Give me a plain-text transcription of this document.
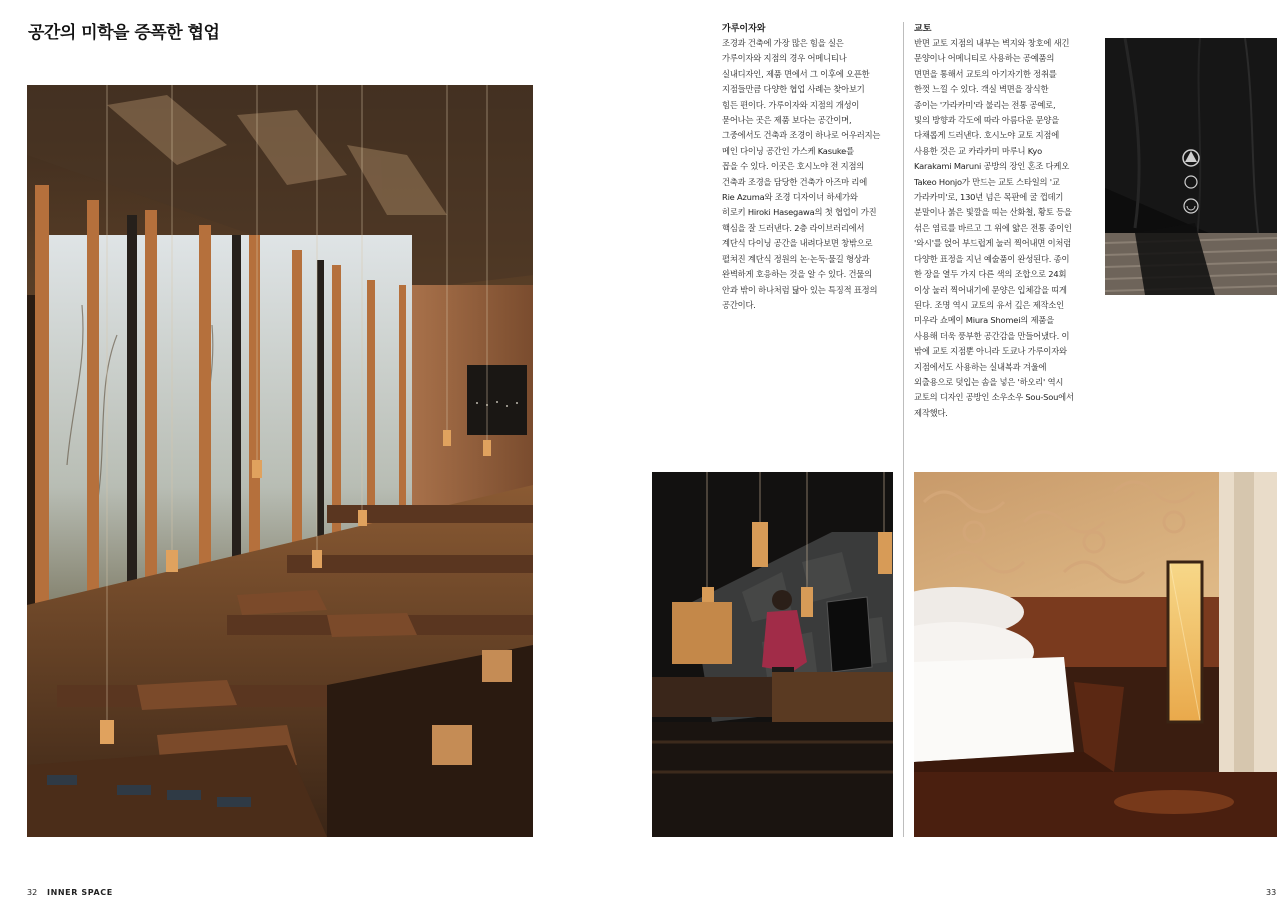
공간의 미학을 증폭한 협업	가루이자와
조경과 건축에 가장 많은 힘을 실은
가루이자와 지점의 경우 어메니티나
실내디자인, 제품 면에서 그 이후에 오픈한
지점들만큼 다양한 협업 사례는 찾아보기
힘든 편이다. 가루이자와 지점의 개성이
묻어나는 곳은 제품 보다는 공간이며,
그중에서도 건축과 조경이 하나로 어우러지는
메인 다이닝 공간인 가스케 Kasuke를
꼽을 수 있다. 이곳은 호시노야 전 지점의
건축과 조경을 담당한 건축가 아즈마 리에
Rie Azuma와 조경 디자이너 하세가와
히로키 Hiroki Hasegawa의 첫 협업이 가진
핵심을 잘 드러낸다. 2층 라이브러리에서
계단식 다이닝 공간을 내려다보면 창밖으로
펼쳐진 계단식 정원의 논·논둑·물길 형상과
완벽하게 호응하는 것을 알 수 있다. 건물의
안과 밖이 하나처럼 닮아 있는 특징적 표정의
공간이다.
교토
반면 교토 지점의 내부는 벽지와 창호에 새긴
문양이나 어메니티로 사용하는 공예품의
면면을 통해서 교토의 아기자기한 정취를
한껏 느낄 수 있다. 객실 벽면을 장식한
종이는 '가라카미'라 불리는 전통 공예로,
빛의 방향과 각도에 따라 아름다운 문양을
다채롭게 드러낸다. 호시노야 교토 지점에
사용한 것은 교 카라카미 마루니 Kyo
Karakami Maruni 공방의 장인 혼조 다케오
Takeo Honjo가 만드는 교토 스타일의 '교
가라카미'로, 130년 넘은 목판에 굴 껍데기
분말이나 붉은 빛깔을 띠는 산화철, 황토 등을
섞은 염료를 바르고 그 위에 얇은 전통 종이인
'와시'를 얹어 부드럽게 눌러 찍어내면 이처럼
다양한 표정을 지닌 예술품이 완성된다. 종이
한 장을 열두 가지 다른 색의 조합으로 24회
이상 눌러 찍어내기에 문양은 입체감을 띠게
된다. 조명 역시 교토의 유서 깊은 제작소인
미우라 쇼메이 Miura Shomei의 제품을
사용해 더욱 풍부한 공간감을 만들어냈다. 이
밖에 교토 지점뿐 아니라 도쿄나 가루이자와
지점에서도 사용하는 실내복과 겨울에
외출용으로 덧입는 솜을 넣은 '하오리' 역시
교토의 디자인 공방인 소우소우 Sou-Sou에서
제작했다.
32 INNER SPACE	33
